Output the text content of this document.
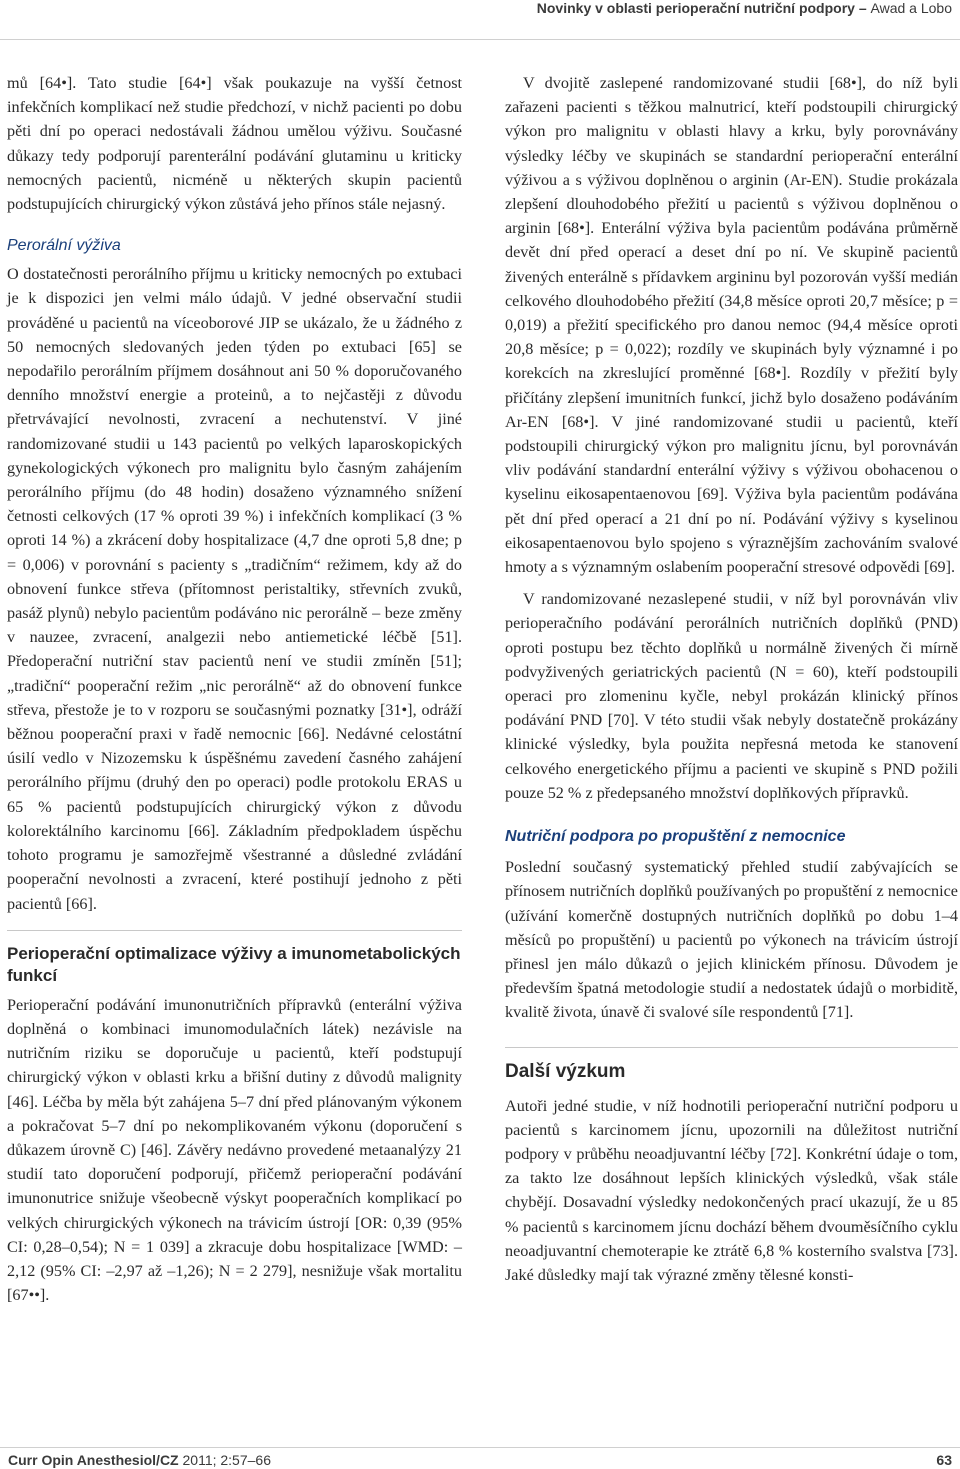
Novinky v oblasti perioperační nutriční podpory – Awad a Lobo

mů [64•]. Tato studie [64•] však poukazuje na vyšší četnost infekčních komplikací než studie předchozí, v nichž pacienti po dobu pěti dní po operaci nedostávali žádnou umělou výživu. Současné důkazy tedy podporují parenterální podávání glutaminu u kriticky nemocných pacientů, nicméně u některých skupin pacientů podstupujících chirurgický výkon zůstává jeho přínos stále nejasný.

Perorální výživa

O dostatečnosti perorálního příjmu u kriticky nemocných po extubaci je k dispozici jen velmi málo údajů. V jedné observační studii prováděné u pacientů na víceoborové JIP se ukázalo, že u žádného z 50 nemocných sledovaných jeden týden po extubaci [65] se nepodařilo perorálním příjmem dosáhnout ani 50 % doporučovaného denního množství energie a proteinů, a to nejčastěji z důvodu přetrvávající nevolnosti, zvracení a nechutenství. V jiné randomizované studii u 143 pacientů po velkých laparoskopických gynekologických výkonech pro malignitu bylo časným zahájením perorálního příjmu (do 48 hodin) dosaženo významného snížení četnosti celkových (17 % oproti 39 %) i infekčních komplikací (3 % oproti 14 %) a zkrácení doby hospitalizace (4,7 dne oproti 5,8 dne; p = 0,006) v porovnání s pacienty s „tradičním“ režimem, kdy až do obnovení funkce střeva (přítomnost peristaltiky, střevních zvuků, pasáž plynů) nebylo pacientům podáváno nic perorálně – beze změny v nauzee, zvracení, analgezii nebo antiemetické léčbě [51]. Předoperační nutriční stav pacientů není ve studii zmíněn [51]; „tradiční“ pooperační režim „nic perorálně“ až do obnovení funkce střeva, přestože je to v rozporu se současnými poznatky [31•], odráží běžnou pooperační praxi v řadě nemocnic [66]. Nedávné celostátní úsilí vedlo v Nizozemsku k úspěšnému zavedení časného zahájení perorálního příjmu (druhý den po operaci) podle protokolu ERAS u 65 % pacientů podstupujících chirurgický výkon z důvodu kolorektálního karcinomu [66]. Základním předpokladem úspěchu tohoto programu je samozřejmě všestranné a důsledné zvládání pooperační nevolnosti a zvracení, které postihují jednoho z pěti pacientů [66].

Perioperační optimalizace výživy a imunometabolických funkcí

Perioperační podávání imunonutričních přípravků (enterální výživa doplněná o kombinaci imunomodulačních látek) nezávisle na nutričním riziku se doporučuje u pacientů, kteří podstupují chirurgický výkon v oblasti krku a břišní dutiny z důvodů malignity [46]. Léčba by měla být zahájena 5–7 dní před plánovaným výkonem a pokračovat 5–7 dní po nekomplikovaném výkonu (doporučení s důkazem úrovně C) [46]. Závěry nedávno provedené metaanalýzy 21 studií tato doporučení podporují, přičemž perioperační podávání imunonutrice snižuje všeobecně výskyt pooperačních komplikací po velkých chirurgických výkonech na trávicím ústrojí [OR: 0,39 (95% CI: 0,28–0,54); N = 1 039] a zkracuje dobu hospitalizace [WMD: –2,12 (95% CI: –2,97 až –1,26); N = 2 279], nesnižuje však mortalitu [67••].

V dvojitě zaslepené randomizované studii [68•], do níž byli zařazeni pacienti s těžkou malnutricí, kteří podstoupili chirurgický výkon pro malignitu v oblasti hlavy a krku, byly porovnávány výsledky léčby ve skupinách se standardní perioperační enterální výživou a s výživou doplněnou o arginin (Ar-EN). Studie prokázala zlepšení dlouhodobého přežití u pacientů s výživou doplněnou o arginin [68•]. Enterální výživa byla pacientům podávána průměrně devět dní před operací a deset dní po ní. Ve skupině pacientů živených enterálně s přídavkem argininu byl pozorován vyšší medián celkového dlouhodobého přežití (34,8 měsíce oproti 20,7 měsíce; p = 0,019) a přežití specifického pro danou nemoc (94,4 měsíce oproti 20,8 měsíce; p = 0,022); rozdíly ve skupinách byly významné i po korekcích na zkreslující proměnné [68•]. Rozdíly v přežití byly přičítány zlepšení imunitních funkcí, jichž bylo dosaženo podáváním Ar-EN [68•]. V jiné randomizované studii u pacientů, kteří podstoupili chirurgický výkon pro malignitu jícnu, byl porovnáván vliv podávání standardní enterální výživy s výživou obohacenou o kyselinu eikosapentaenovou [69]. Výživa byla pacientům podávána pět dní před operací a 21 dní po ní. Podávání výživy s kyselinou eikosapentaenovou bylo spojeno s výraznějším zachováním svalové hmoty a s významným oslabením pooperační stresové odpovědi [69].

V randomizované nezaslepené studii, v níž byl porovnáván vliv perioperačního podávání perorálních nutričních doplňků (PND) oproti postupu bez těchto doplňků u normálně živených či mírně podvyživených geriatrických pacientů (N = 60), kteří podstoupili operaci pro zlomeninu kyčle, nebyl prokázán klinický přínos podávání PND [70]. V této studii však nebyly dostatečně prokázány klinické výsledky, byla použita nepřesná metoda ke stanovení celkového energetického příjmu a pacienti ve skupině s PND požili pouze 52 % z předepsaného množství doplňkových přípravků.

Nutriční podpora po propuštění z nemocnice

Poslední současný systematický přehled studií zabývajících se přínosem nutričních doplňků používaných po propuštění z nemocnice (užívání komerčně dostupných nutričních doplňků po dobu 1–4 měsíců po propuštění) u pacientů po výkonech na trávicím ústrojí přinesl jen málo důkazů o jejich klinickém přínosu. Důvodem je především špatná metodologie studií a nedostatek údajů o morbiditě, kvalitě života, únavě či svalové síle respondentů [71].

Další výzkum

Autoři jedné studie, v níž hodnotili perioperační nutriční podporu u pacientů s karcinomem jícnu, upozornili na důležitost nutriční podpory v průběhu neoadjuvantní léčby [72]. Konkrétní údaje o tom, za takto lze dosáhnout lepších klinických výsledků, však stále chybějí. Dosavadní výsledky nedokončených prací ukazují, že u 85 % pacientů s karcinomem jícnu dochází během dvouměsíčního cyklu neoadjuvantní chemoterapie ke ztrátě 6,8 % kosterního svalstva [73]. Jaké důsledky mají tak výrazné změny tělesné konsti-

Curr Opin Anesthesiol/CZ 2011; 2:57–66	63
